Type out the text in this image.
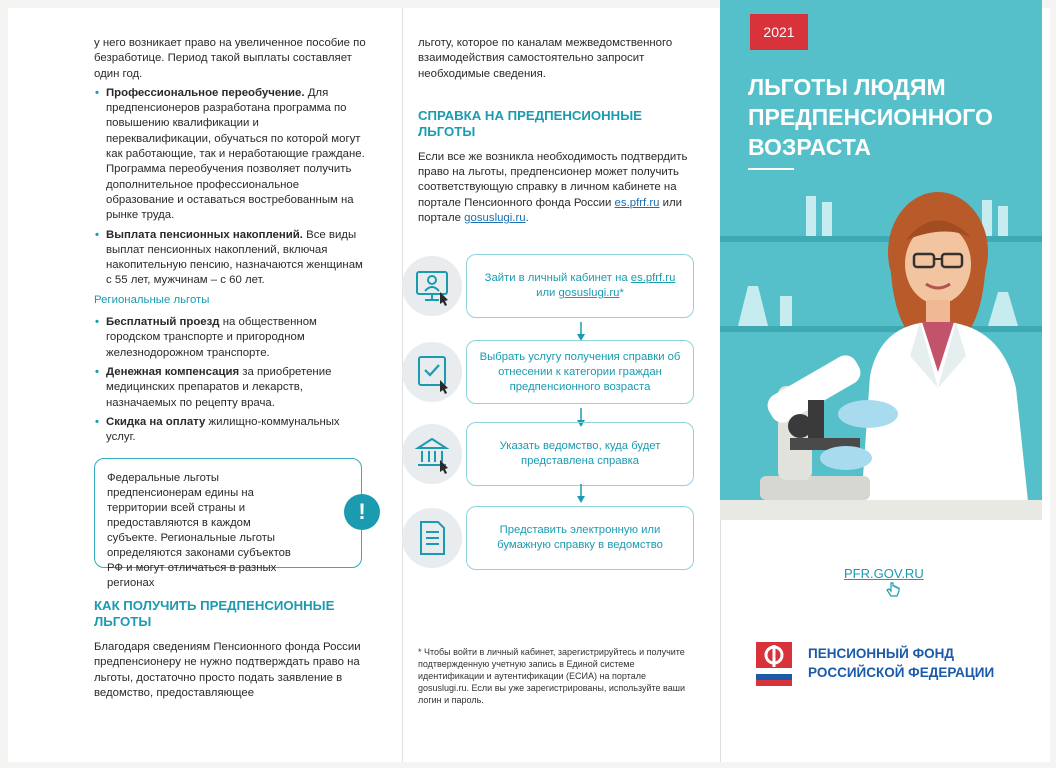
у него возникает право на увеличенное пособие по безработице. Период такой выплаты составляет один год.

• Профессиональное переобучение. Для предпенсионеров разработана программа по повышению квалификации и переквалификации, обучаться по которой могут как работающие, так и неработающие граждане. Программа переобучения позволяет получить дополнительное профессиональное образование и оставаться востребованным на рынке труда.
• Выплата пенсионных накоплений. Все виды выплат пенсионных накоплений, включая накопительную пенсию, назначаются женщинам с 55 лет, мужчинам – с 60 лет.
Региональные льготы
• Бесплатный проезд на общественном городском транспорте и пригородном железнодорожном транспорте.
• Денежная компенсация за приобретение медицинских препаратов и лекарств, назначаемых по рецепту врача.
• Скидка на оплату жилищно-коммунальных услуг.
Федеральные льготы предпенсионерам едины на территории всей страны и предоставляются в каждом субъекте. Региональные льготы определяются законами субъектов РФ и могут отличаться в разных регионах
!
КАК ПОЛУЧИТЬ ПРЕДПЕНСИОННЫЕ ЛЬГОТЫ
Благодаря сведениям Пенсионного фонда России предпенсионеру не нужно подтверждать право на льготы, достаточно просто подать заявление в ведомство, предоставляющее

льготу, которое по каналам межведомственного взаимодействия самостоятельно запросит необходимые сведения.

СПРАВКА НА ПРЕДПЕНСИОННЫЕ ЛЬГОТЫ

Если все же возникла необходимость подтвердить право на льготы, предпенсионер может получить соответствующую справку в личном кабинете на портале Пенсионного фонда России es.pfrf.ru или портале gosuslugi.ru.

Зайти в личный кабинет на es.pfrf.ru или gosuslugi.ru*
Выбрать услугу получения справки об отнесении к категории граждан предпенсионного возраста
Указать ведомство, куда будет представлена справка
Представить электронную или бумажную справку в ведомство
* Чтобы войти в личный кабинет, зарегистрируйтесь и получите подтвержденную учетную запись в Единой системе идентификации и аутентификации (ЕСИА) на портале gosuslugi.ru. Если вы уже зарегистрированы, используйте ваши логин и пароль.
2021
ЛЬГОТЫ ЛЮДЯМ ПРЕДПЕНСИОННОГО ВОЗРАСТА
PFR.GOV.RU
ПЕНСИОННЫЙ ФОНД
РОССИЙСКОЙ ФЕДЕРАЦИИ
